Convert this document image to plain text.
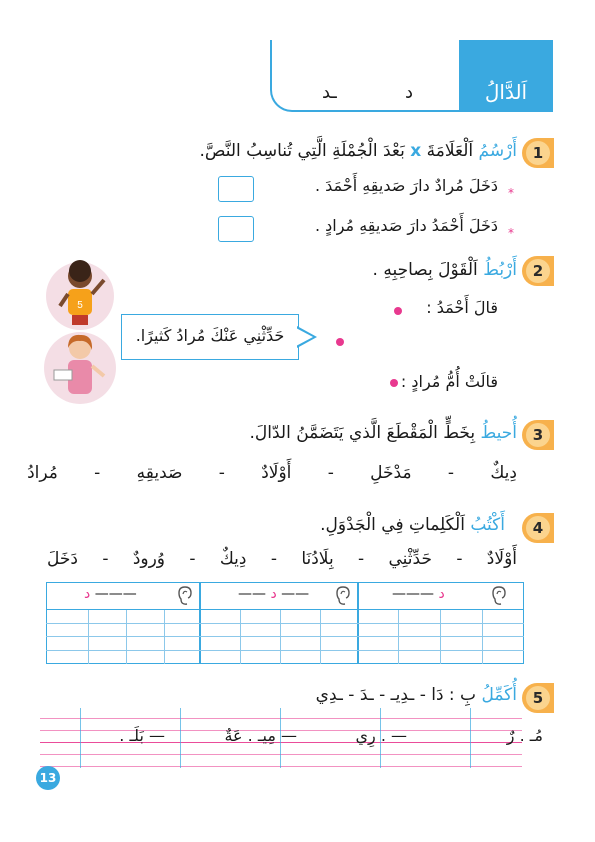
اَلدَّالُ
د
ـد
1
أَرْسُمُ اَلْعَلَامَةَ x بَعْدَ الْجُمْلَةِ الَّتِي تُناسِبُ النَّصَّ.
*
دَخَلَ مُرادٌ دارَ صَديقِهِ أَحْمَدَ .
*
دَخَلَ أَحْمَدُ دارَ صَديقِهِ مُرادٍ .
2
أَرْبُطُ اَلْقَوْلَ بِصاحِبِهِ .
قالَ أَحْمَدُ :
قالَتْ أُمُّ مُرادٍ :
حَدِّثْنِي عَنْكَ مُرادُ كَثيرًا.
5
3
أُحيطُ بِخَطٍّ الْمَقْطَعَ الَّذي يَتَضَمَّنُ الدّالَ.
دِيكٌ
-
مَدْخَلِ
-
أَوْلَادٌ
-
صَديقِهِ
-
مُرادُ
4
أَكْتُبُ اَلْكَلِماتِ فِي الْجَدْوَلِ.
أَوْلَادٌ
-
حَدِّثْنِي
-
بِلَادُنَا
-
دِيكٌ
-
وُرودٌ
-
دَخَلَ
——— د
—— د ——
د ———
5
أُكَمِّلُ بِ : دَا - ـدِيـ - ـدَ - ـدِي
مُـ . رٌ
— . رِي
— مِيـ . عَةٌ
— بَلَـ .
13
